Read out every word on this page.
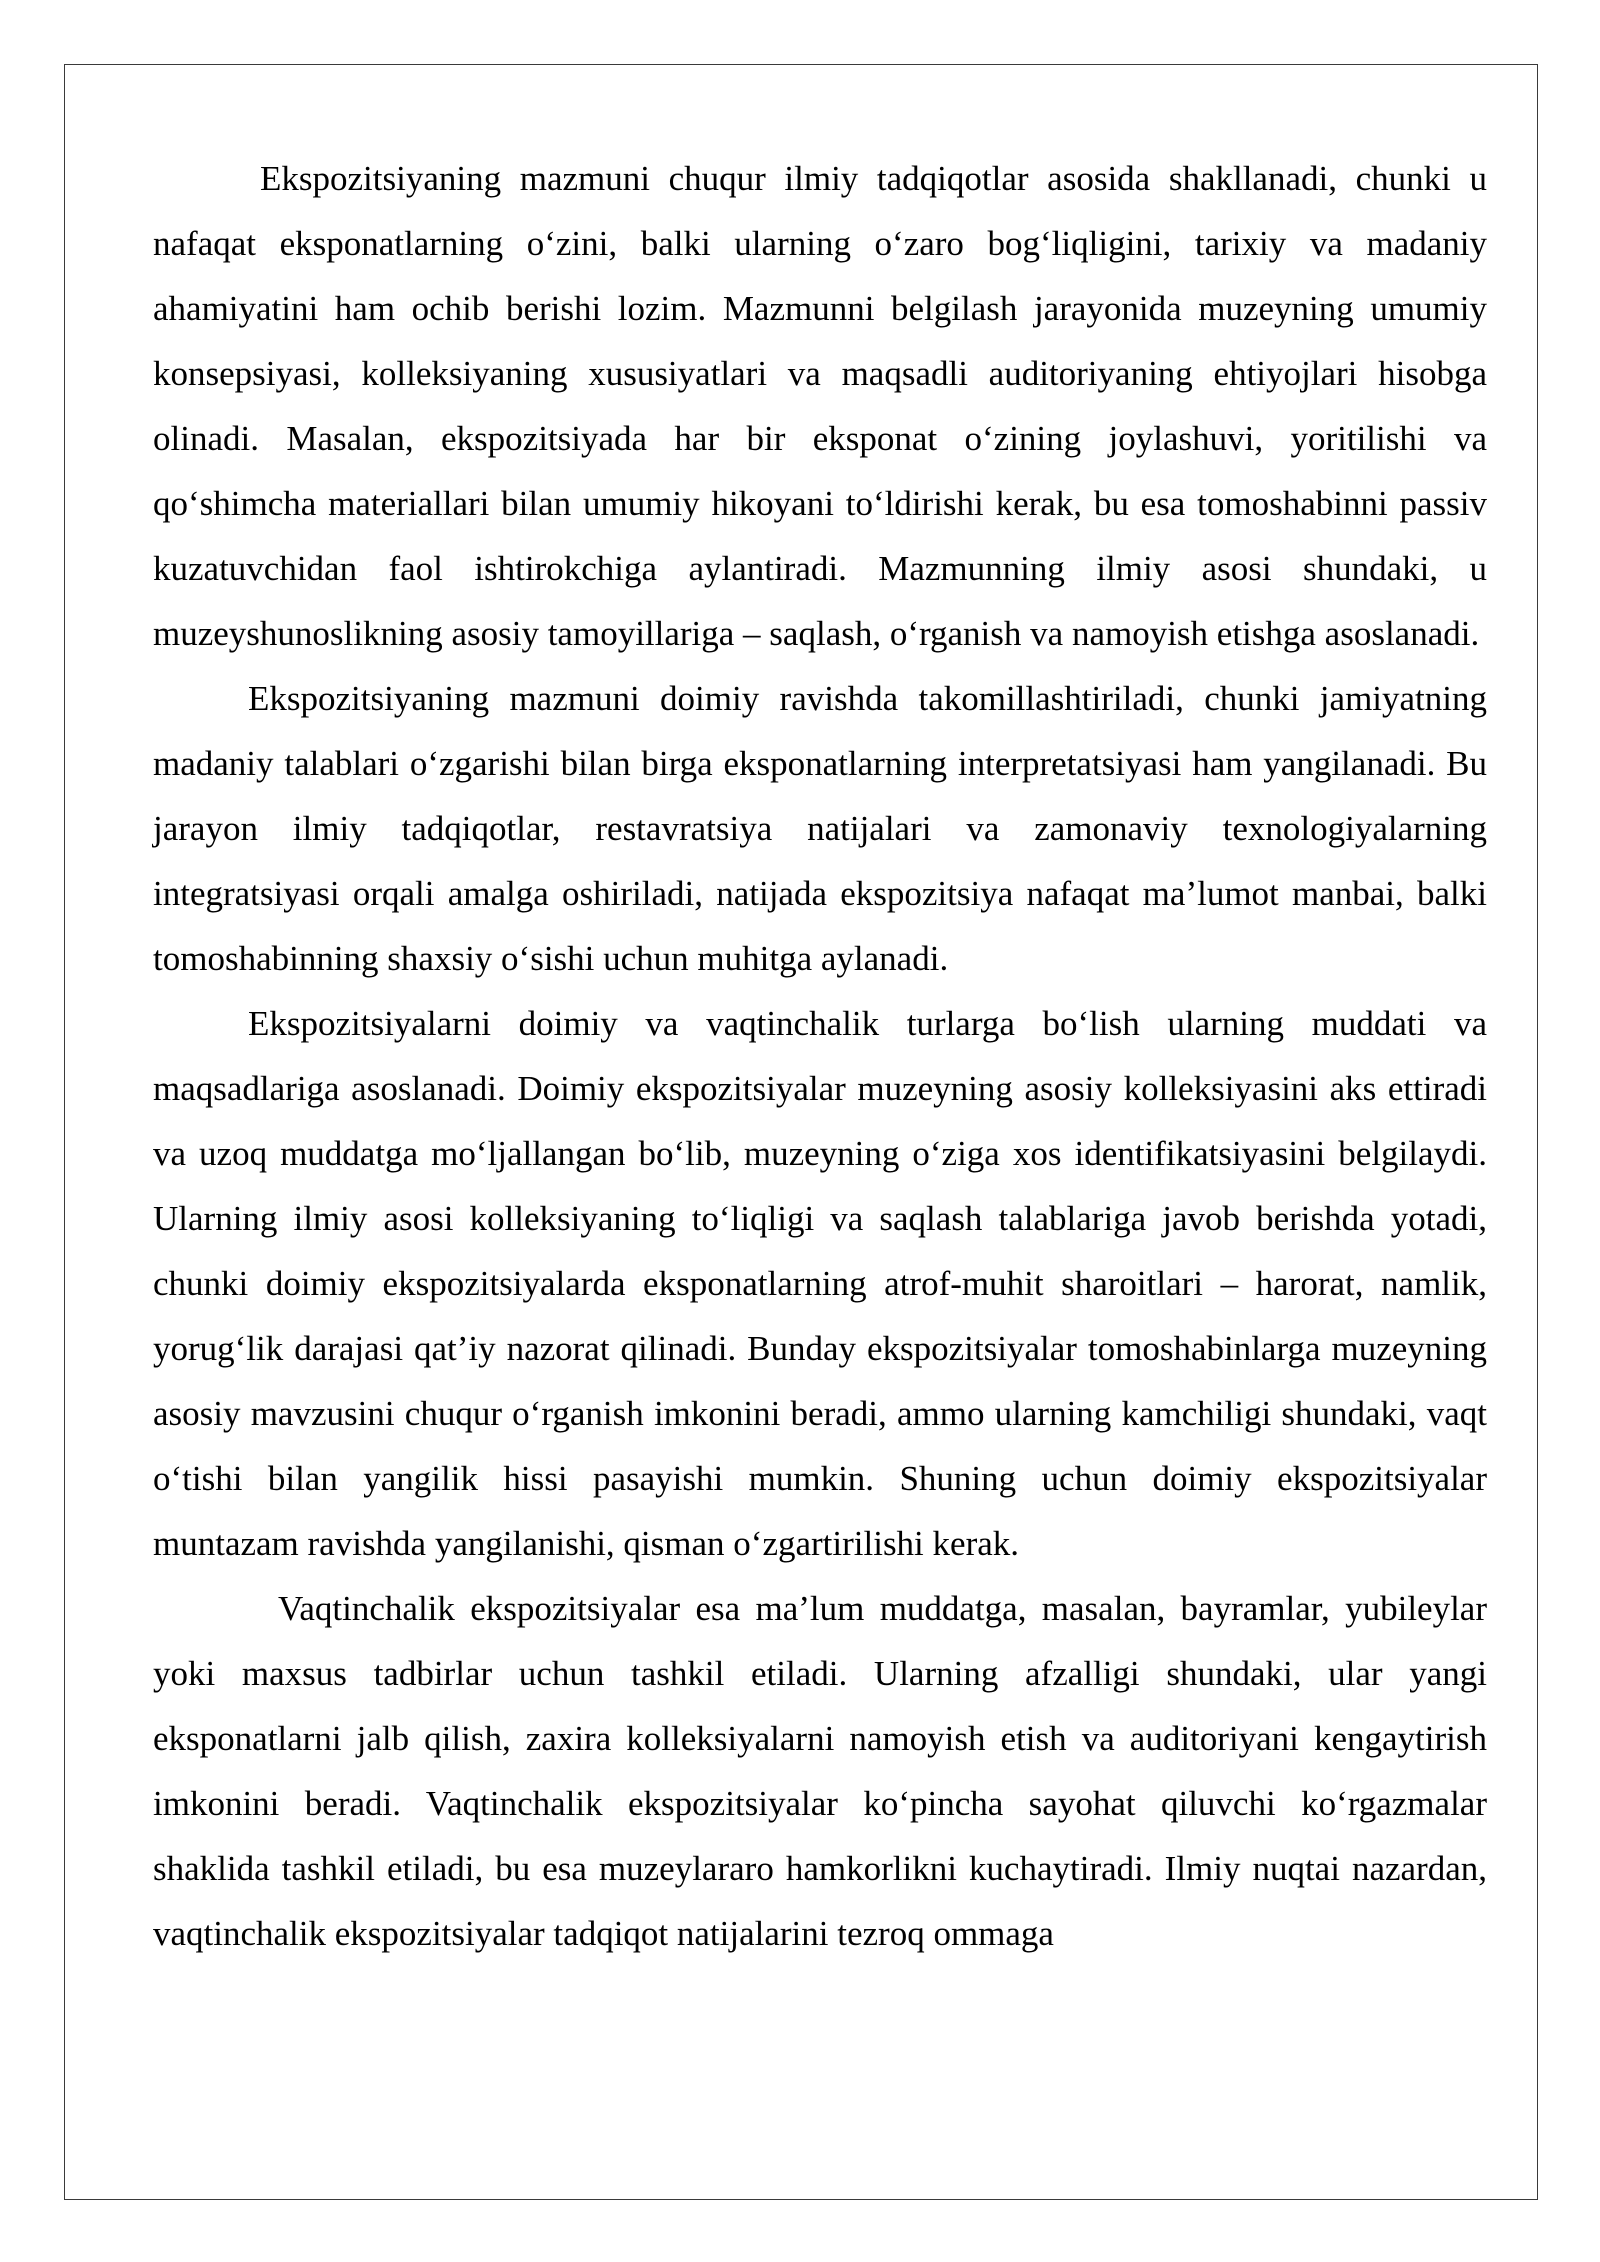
Ekspozitsiyaning mazmuni chuqur ilmiy tadqiqotlar asosida shakllanadi, chunki u nafaqat eksponatlarning o‘zini, balki ularning o‘zaro bog‘liqligini, tarixiy va madaniy ahamiyatini ham ochib berishi lozim. Mazmunni belgilash jarayonida muzeyning umumiy konsepsiyasi, kolleksiyaning xususiyatlari va maqsadli auditoriyaning ehtiyojlari hisobga olinadi. Masalan, ekspozitsiyada har bir eksponat o‘zining joylashuvi, yoritilishi va qo‘shimcha materiallari bilan umumiy hikoyani to‘ldirishi kerak, bu esa tomoshabinni passiv kuzatuvchidan faol ishtirokchiga aylantiradi. Mazmunning ilmiy asosi shundaki, u muzeyshunoslikning asosiy tamoyillariga – saqlash, o‘rganish va namoyish etishga asoslanadi.

Ekspozitsiyaning mazmuni doimiy ravishda takomillashtiriladi, chunki jamiyatning madaniy talablari o‘zgarishi bilan birga eksponatlarning interpretatsiyasi ham yangilanadi. Bu jarayon ilmiy tadqiqotlar, restavratsiya natijalari va zamonaviy texnologiyalarning integratsiyasi orqali amalga oshiriladi, natijada ekspozitsiya nafaqat ma’lumot manbai, balki tomoshabinning shaxsiy o‘sishi uchun muhitga aylanadi.

Ekspozitsiyalarni doimiy va vaqtinchalik turlarga bo‘lish ularning muddati va maqsadlariga asoslanadi. Doimiy ekspozitsiyalar muzeyning asosiy kolleksiyasini aks ettiradi va uzoq muddatga mo‘ljallangan bo‘lib, muzeyning o‘ziga xos identifikatsiyasini belgilaydi. Ularning ilmiy asosi kolleksiyaning to‘liqligi va saqlash talablariga javob berishda yotadi, chunki doimiy ekspozitsiyalarda eksponatlarning atrof-muhit sharoitlari – harorat, namlik, yorug‘lik darajasi qat’iy nazorat qilinadi. Bunday ekspozitsiyalar tomoshabinlarga muzeyning asosiy mavzusini chuqur o‘rganish imkonini beradi, ammo ularning kamchiligi shundaki, vaqt o‘tishi bilan yangilik hissi pasayishi mumkin. Shuning uchun doimiy ekspozitsiyalar muntazam ravishda yangilanishi, qisman o‘zgartirilishi kerak.

Vaqtinchalik ekspozitsiyalar esa ma’lum muddatga, masalan, bayramlar, yubileylar yoki maxsus tadbirlar uchun tashkil etiladi. Ularning afzalligi shundaki, ular yangi eksponatlarni jalb qilish, zaxira kolleksiyalarni namoyish etish va auditoriyani kengaytirish imkonini beradi. Vaqtinchalik ekspozitsiyalar ko‘pincha sayohat qiluvchi ko‘rgazmalar shaklida tashkil etiladi, bu esa muzeylararo hamkorlikni kuchaytiradi. Ilmiy nuqtai nazardan, vaqtinchalik ekspozitsiyalar tadqiqot natijalarini tezroq ommaga
